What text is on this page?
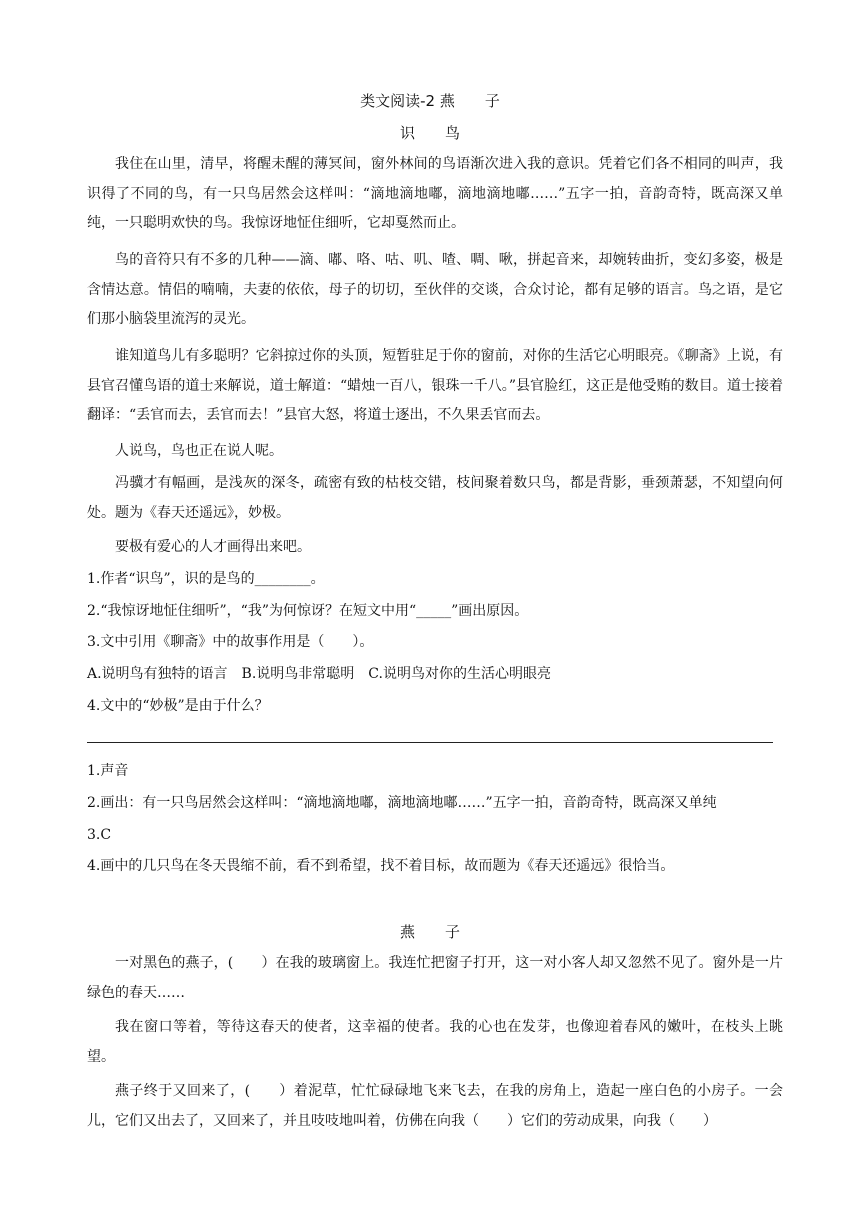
类文阅读-2 燕　　子
识　　鸟

我住在山里，清早，将醒未醒的薄冥间，窗外林间的鸟语渐次进入我的意识。凭着它们各不相同的叫声，我识得了不同的鸟，有一只鸟居然会这样叫：“滴地滴地嘟，滴地滴地嘟……”五字一拍，音韵奇特，既高深又单纯，一只聪明欢快的鸟。我惊讶地怔住细听，它却戛然而止。

鸟的音符只有不多的几种——滴、嘟、咯、咕、叽、喳、啁、啾，拼起音来，却婉转曲折，变幻多姿，极是含情达意。情侣的喃喃，夫妻的依依，母子的切切，至伙伴的交谈，合众讨论，都有足够的语言。鸟之语，是它们那小脑袋里流泻的灵光。

谁知道鸟儿有多聪明？它斜掠过你的头顶，短暂驻足于你的窗前，对你的生活它心明眼亮。《聊斋》上说，有县官召懂鸟语的道士来解说，道士解道：“蜡烛一百八，银珠一千八。”县官脸红，这正是他受贿的数目。道士接着翻译：“丢官而去，丢官而去！”县官大怒，将道士逐出，不久果丢官而去。

人说鸟，鸟也正在说人呢。

冯骥才有幅画，是浅灰的深冬，疏密有致的枯枝交错，枝间聚着数只鸟，都是背影，垂颈萧瑟，不知望向何处。题为《春天还遥远》，妙极。

要极有爱心的人才画得出来吧。

1.作者“识鸟”，识的是鸟的________。

2.“我惊讶地怔住细听”，“我”为何惊讶？在短文中用“_____”画出原因。

3.文中引用《聊斋》中的故事作用是（　　）。

A.说明鸟有独特的语言　B.说明鸟非常聪明　C.说明鸟对你的生活心明眼亮

4.文中的“妙极”是由于什么？

1.声音

2.画出：有一只鸟居然会这样叫：“滴地滴地嘟，滴地滴地嘟……”五字一拍，音韵奇特，既高深又单纯

3.C

4.画中的几只鸟在冬天畏缩不前，看不到希望，找不着目标，故而题为《春天还遥远》很恰当。

燕　　子

一对黑色的燕子，(　　）在我的玻璃窗上。我连忙把窗子打开，这一对小客人却又忽然不见了。窗外是一片绿色的春天……

我在窗口等着，等待这春天的使者，这幸福的使者。我的心也在发芽，也像迎着春风的嫩叶，在枝头上眺望。

燕子终于又回来了，(　　）着泥草，忙忙碌碌地飞来飞去，在我的房角上，造起一座白色的小房子。一会儿，它们又出去了，又回来了，并且吱吱地叫着，仿佛在向我（　　）它们的劳动成果，向我（　　）
